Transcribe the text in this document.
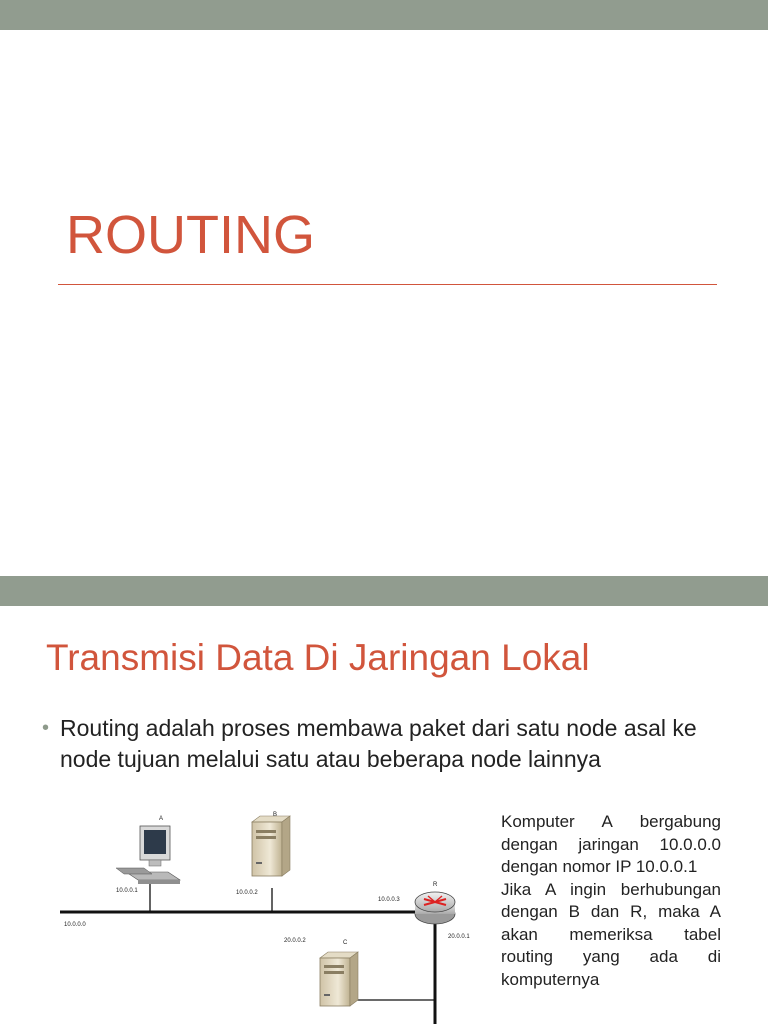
ROUTING
Transmisi Data Di Jaringan Lokal
• Routing adalah proses membawa paket dari satu node asal ke node tujuan melalui satu atau beberapa node lainnya
A
B
R
C
10.0.0.1	10.0.0.2
10.0.0.3
10.0.0.0
20.0.0.2
20.0.0.1
Komputer A bergabung dengan jaringan 10.0.0.0 dengan nomor IP 10.0.0.1
Jika A ingin berhubungan dengan B dan R, maka A akan memeriksa tabel routing yang ada di komputernya
